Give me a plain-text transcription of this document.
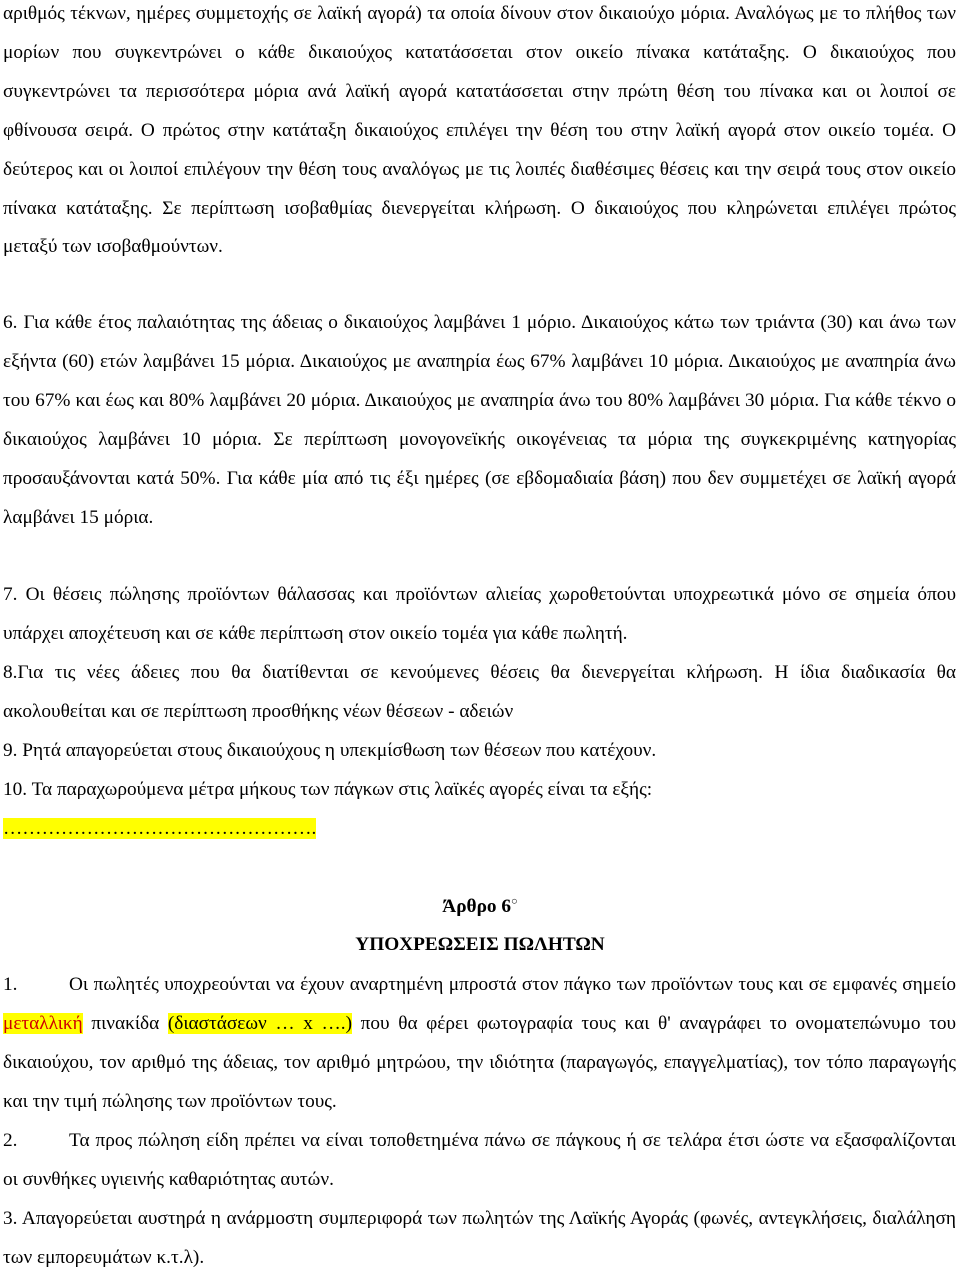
αριθμός τέκνων, ημέρες συμμετοχής σε λαϊκή αγορά) τα οποία δίνουν στον δικαιούχο μόρια. Αναλόγως με το πλήθος των μορίων που συγκεντρώνει ο κάθε δικαιούχος κατατάσσεται στον οικείο πίνακα κατάταξης. Ο δικαιούχος που συγκεντρώνει τα περισσότερα μόρια ανά λαϊκή αγορά κατατάσσεται στην πρώτη θέση του πίνακα και οι λοιποί σε φθίνουσα σειρά. Ο πρώτος στην κατάταξη δικαιούχος επιλέγει την θέση του στην λαϊκή αγορά στον οικείο τομέα. Ο δεύτερος και οι λοιποί επιλέγουν την θέση τους αναλόγως με τις λοιπές διαθέσιμες θέσεις και την σειρά τους στον οικείο πίνακα κατάταξης. Σε περίπτωση ισοβαθμίας διενεργείται κλήρωση. Ο δικαιούχος που κληρώνεται επιλέγει πρώτος μεταξύ των ισοβαθμούντων.

6. Για κάθε έτος παλαιότητας της άδειας ο δικαιούχος λαμβάνει 1 μόριο. Δικαιούχος κάτω των τριάντα (30) και άνω των εξήντα (60) ετών λαμβάνει 15 μόρια. Δικαιούχος με αναπηρία έως 67% λαμβάνει 10 μόρια. Δικαιούχος με αναπηρία άνω του 67% και έως και 80% λαμβάνει 20 μόρια. Δικαιούχος με αναπηρία άνω του 80% λαμβάνει 30 μόρια. Για κάθε τέκνο ο δικαιούχος λαμβάνει 10 μόρια. Σε περίπτωση μονογονεϊκής οικογένειας τα μόρια της συγκεκριμένης κατηγορίας προσαυξάνονται κατά 50%. Για κάθε μία από τις έξι ημέρες (σε εβδομαδιαία βάση) που δεν συμμετέχει σε λαϊκή αγορά λαμβάνει 15 μόρια.

7. Οι θέσεις πώλησης προϊόντων θάλασσας και προϊόντων αλιείας χωροθετούνται υποχρεωτικά μόνο σε σημεία όπου υπάρχει αποχέτευση και σε κάθε περίπτωση στον οικείο τομέα για κάθε πωλητή.

8.Για τις νέες άδειες που θα διατίθενται σε κενούμενες θέσεις θα διενεργείται κλήρωση. Η ίδια διαδικασία θα ακολουθείται και σε περίπτωση προσθήκης νέων θέσεων - αδειών

9. Ρητά απαγορεύεται στους δικαιούχους η υπεκμίσθωση των θέσεων που κατέχουν.

10. Τα παραχωρούμενα μέτρα μήκους των πάγκων στις λαϊκές αγορές είναι τα εξής:

………………………………………….

Άρθρο 6○

ΥΠΟΧΡΕΩΣΕΙΣ ΠΩΛΗΤΩΝ

1.	Οι πωλητές υποχρεούνται να έχουν αναρτημένη μπροστά στον πάγκο των προϊόντων τους και σε εμφανές σημείο μεταλλική πινακίδα (διαστάσεων … x ….) που θα φέρει φωτογραφία τους και θ' αναγράφει το ονοματεπώνυμο του δικαιούχου, τον αριθμό της άδειας, τον αριθμό μητρώου, την ιδιότητα (παραγωγός, επαγγελματίας), τον τόπο παραγωγής και την τιμή πώλησης των προϊόντων τους.

2.	Τα προς πώληση είδη πρέπει να είναι τοποθετημένα πάνω σε πάγκους ή σε τελάρα έτσι ώστε να εξασφαλίζονται οι συνθήκες υγιεινής καθαριότητας αυτών.

3. Απαγορεύεται αυστηρά η ανάρμοστη συμπεριφορά των πωλητών της Λαϊκής Αγοράς (φωνές, αντεγκλήσεις, διαλάληση των εμπορευμάτων κ.τ.λ).
